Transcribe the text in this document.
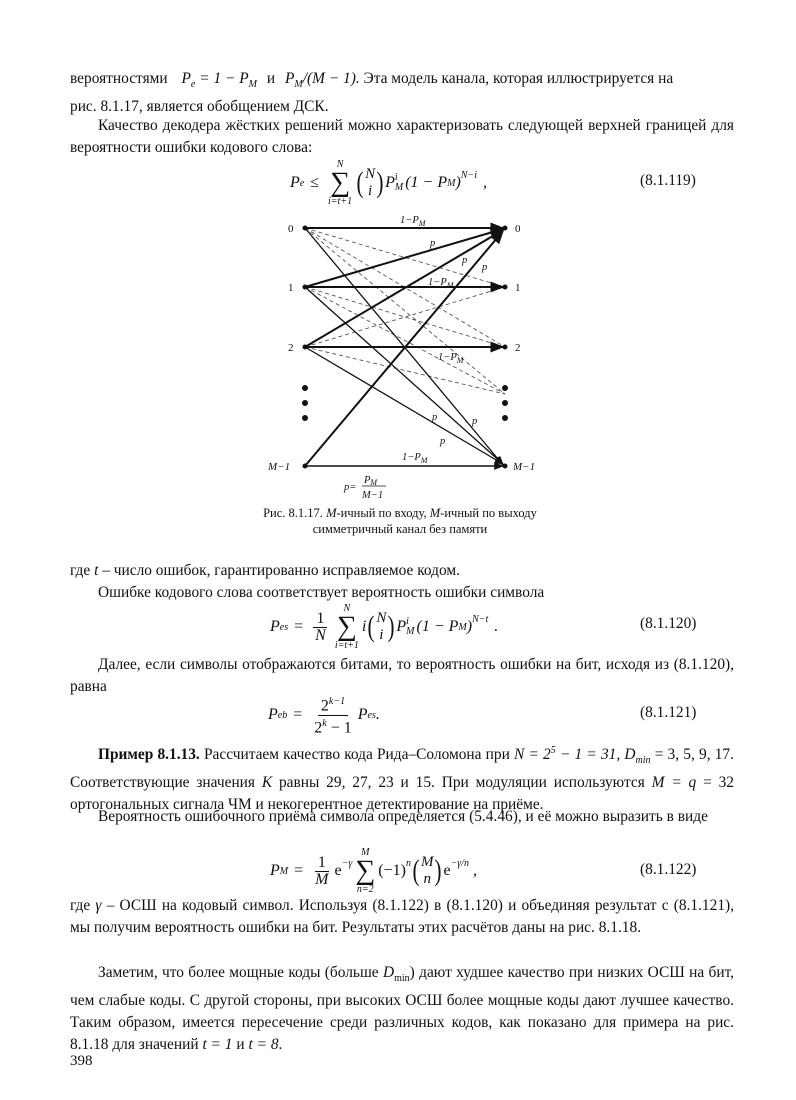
вероятностями $P_e = 1 - P_M$ и $P_M/(M - 1)$. Эта модель канала, которая иллюстрируется на
рис. 8.1.17, является обобщением ДСК.
Качество декодера жёстких решений можно характеризовать следующей верхней границей для вероятности ошибки кодового слова:
P e ≤
N
∑
i=t+1
( N
i ) P i
M (1 − P M )$^{N-i}$ ,	(8.1.119)
0
1
2
M−1
0
1
2
M−1
$1-P_M$
p
p
p
$1-P_M$
$1-P_M$
p	p
p
$1-P_M$
p=
PM
M−1
Рис. 8.1.17. M-ичный по входу, M-ичный по выходу
симметричный канал без памяти
где t – число ошибок, гарантированно исправляемое кодом.
Ошибке кодового слова соответствует вероятность ошибки символа
P es = $\frac{1}{N}$
N
∑
i=t+1
i ( N
i ) P i
M (1 − P M )$^{N-t}$ .	(8.1.120)
Далее, если символы отображаются битами, то вероятность ошибки на бит, исходя из (8.1.120), равна
P eb = $\frac{2^{k-1}}{2^k - 1}$ P es .	(8.1.121)
Пример 8.1.13. Рассчитаем качество кода Рида–Соломона при $N = 2^5 - 1 = 31$, $D_{min} = 3$, 5, 9, 17. Соответствующие значения K равны 29, 27, 23 и 15. При модуляции используются M = q = 32 ортогональных сигнала ЧМ и некогерентное детектирование на приёме.
Вероятность ошибочного приёма символа определяется (5.4.46), и её можно выразить в виде
P $M = \frac{1}{M} e^{-\gamma}$
M
∑
n=2
$(-1)^n$ ( M
n ) $e^{-\gamma/n}$ ,	(8.1.122)
где γ – ОСШ на кодовый символ. Используя (8.1.122) в (8.1.120) и объединяя результат с (8.1.121), мы получим вероятность ошибки на бит. Результаты этих расчётов даны на рис. 8.1.18.
Заметим, что более мощные коды (больше $D_{min}$) дают худшее качество при низких ОСШ на бит, чем слабые коды. С другой стороны, при высоких ОСШ более мощные коды дают лучшее качество. Таким образом, имеется пересечение среди различных кодов, как показано для примера на рис. 8.1.18 для значений t = 1 и t = 8.
398
